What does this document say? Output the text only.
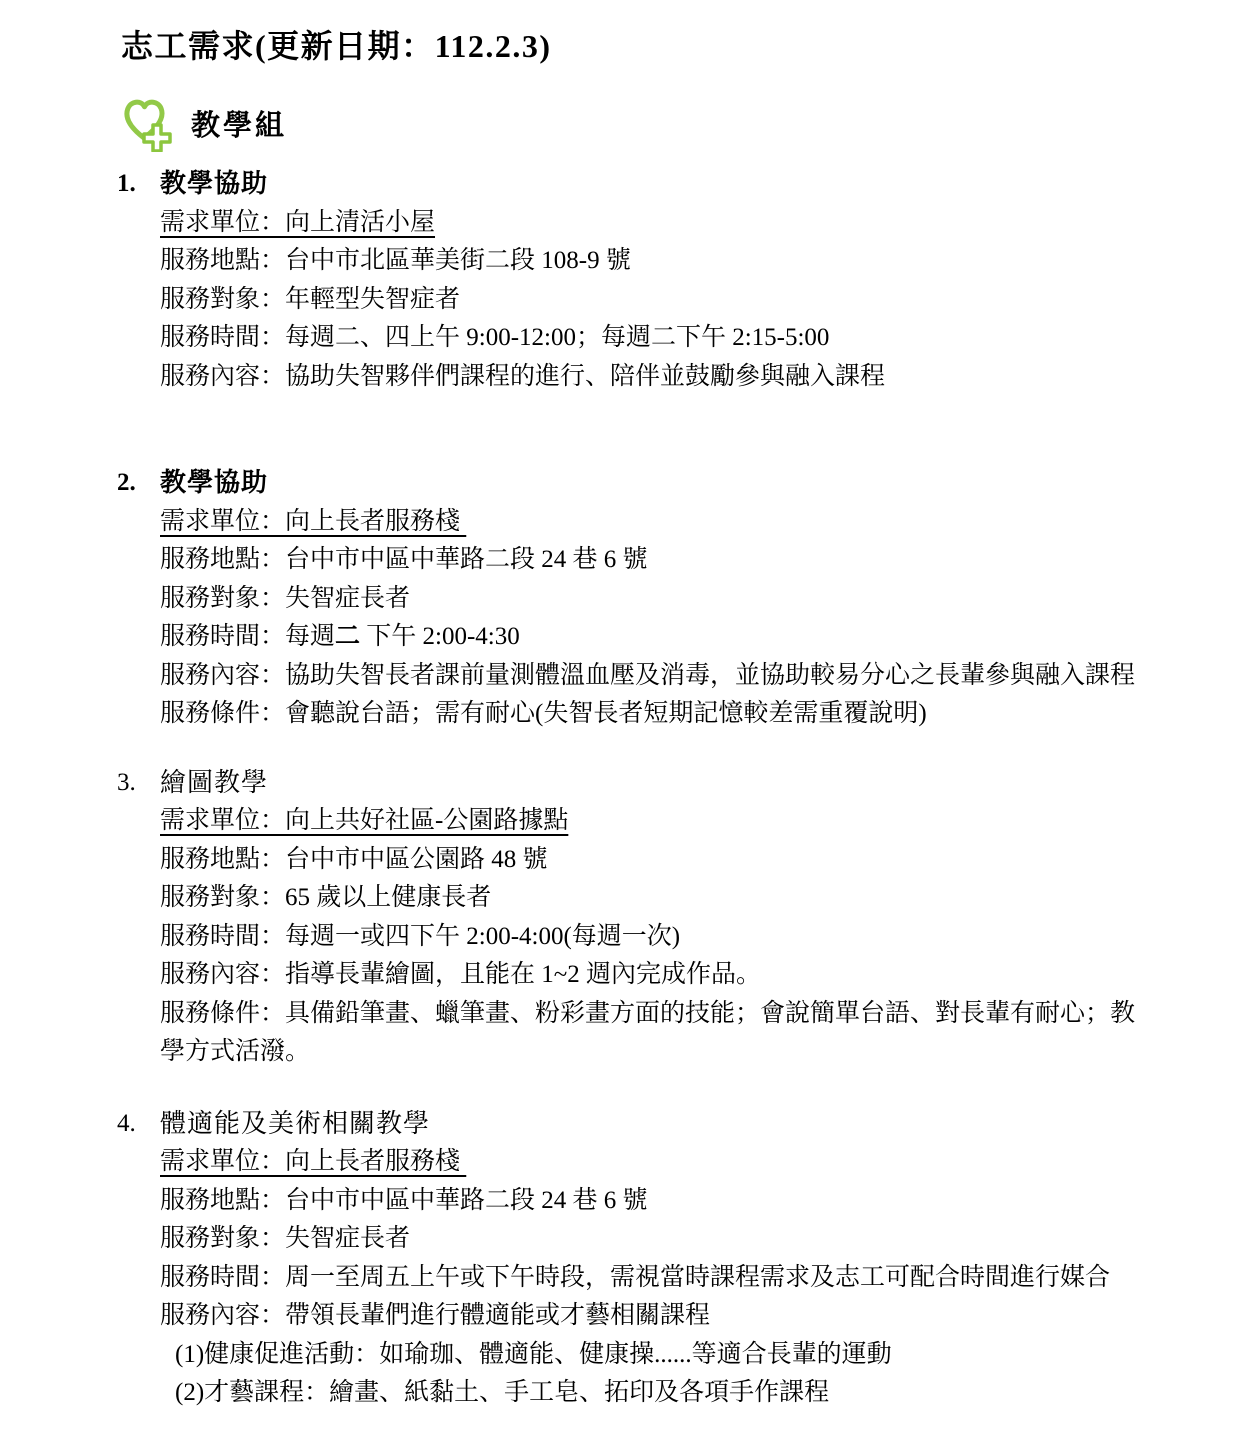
志工需求(更新日期：112.2.3)
教學組
1. 教學協助
需求單位：向上清活小屋
服務地點：台中市北區華美街二段 108-9 號
服務對象：年輕型失智症者
服務時間：每週二、四上午 9:00-12:00；每週二下午 2:15-5:00
服務內容：協助失智夥伴們課程的進行、陪伴並鼓勵參與融入課程
2. 教學協助
需求單位：向上長者服務棧
服務地點：台中市中區中華路二段 24 巷 6 號
服務對象：失智症長者
服務時間：每週二 下午 2:00-4:30
服務內容：協助失智長者課前量測體溫血壓及消毒，並協助較易分心之長輩參與融入課程
服務條件：會聽說台語；需有耐心(失智長者短期記憶較差需重覆說明)
3. 繪圖教學
需求單位：向上共好社區-公園路據點
服務地點：台中市中區公園路 48 號
服務對象：65 歲以上健康長者
服務時間：每週一或四下午 2:00-4:00(每週一次)
服務內容：指導長輩繪圖，且能在 1~2 週內完成作品。
服務條件：具備鉛筆畫、蠟筆畫、粉彩畫方面的技能；會說簡單台語、對長輩有耐心；教學方式活潑。
4. 體適能及美術相關教學
需求單位：向上長者服務棧
服務地點：台中市中區中華路二段 24 巷 6 號
服務對象：失智症長者
服務時間：周一至周五上午或下午時段，需視當時課程需求及志工可配合時間進行媒合
服務內容：帶領長輩們進行體適能或才藝相關課程
(1)健康促進活動：如瑜珈、體適能、健康操......等適合長輩的運動
(2)才藝課程：繪畫、紙黏土、手工皂、拓印及各項手作課程
